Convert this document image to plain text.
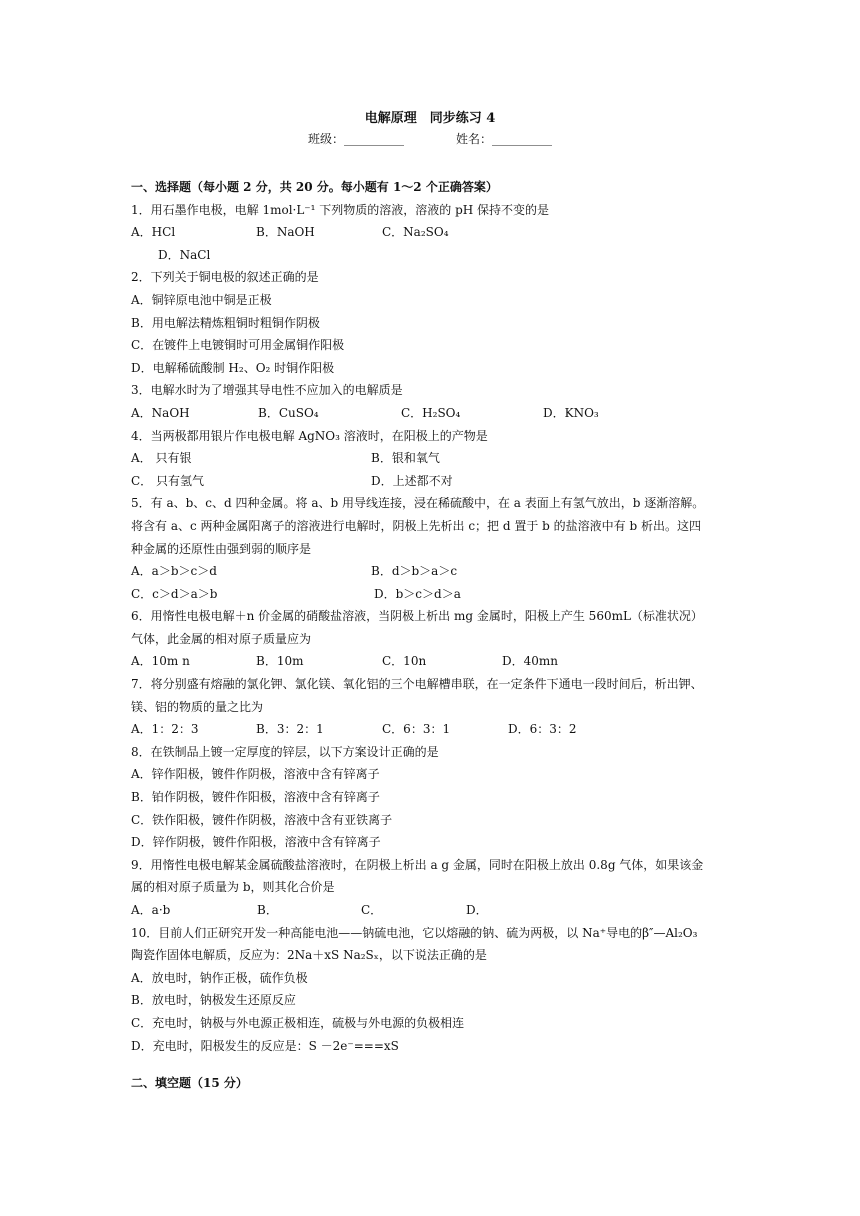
电解原理　同步练习 4
班级：__________	姓名：__________
一、选择题（每小题 2 分，共 20 分。每小题有 1～2 个正确答案）
1．用石墨作电极，电解 1mol·L⁻¹ 下列物质的溶液，溶液的 pH 保持不变的是
A．HCl	B．NaOH	C．Na₂SO₄
D．NaCl
2．下列关于铜电极的叙述正确的是
A．铜锌原电池中铜是正极
B．用电解法精炼粗铜时粗铜作阴极
C．在镀件上电镀铜时可用金属铜作阳极
D．电解稀硫酸制 H₂、O₂ 时铜作阳极
3．电解水时为了增强其导电性不应加入的电解质是
A．NaOH	B．CuSO₄	C．H₂SO₄	D．KNO₃
4．当两极都用银片作电极电解 AgNO₃ 溶液时，在阳极上的产物是
A． 只有银	B．银和氧气
C． 只有氢气	D．上述都不对
5．有 a、b、c、d 四种金属。将 a、b 用导线连接，浸在稀硫酸中，在 a 表面上有氢气放出，b 逐渐溶解。
将含有 a、c 两种金属阳离子的溶液进行电解时，阴极上先析出 c；把 d 置于 b 的盐溶液中有 b 析出。这四
种金属的还原性由强到弱的顺序是
A．a＞b＞c＞d	B．d＞b＞a＞c
C．c＞d＞a＞b	D．b＞c＞d＞a
6．用惰性电极电解＋n 价金属的硝酸盐溶液，当阴极上析出 mg 金属时，阳极上产生 560mL（标准状况）
气体，此金属的相对原子质量应为
A．10m n	B．10m	C．10n	D．40mn
7．将分别盛有熔融的氯化钾、氯化镁、氧化铝的三个电解槽串联，在一定条件下通电一段时间后，析出钾、
镁、铝的物质的量之比为
A．1：2：3	B．3：2：1	C．6：3：1	D．6：3：2
8．在铁制品上镀一定厚度的锌层，以下方案设计正确的是
A．锌作阳极，镀件作阴极，溶液中含有锌离子
B．铂作阴极，镀件作阳极，溶液中含有锌离子
C．铁作阳极，镀件作阴极，溶液中含有亚铁离子
D．锌作阴极，镀件作阳极，溶液中含有锌离子
9．用惰性电极电解某金属硫酸盐溶液时，在阴极上析出 a g 金属，同时在阳极上放出 0.8g 气体，如果该金
属的相对原子质量为 b，则其化合价是
A．a·b	B．	C．	D．
10．目前人们正研究开发一种高能电池——钠硫电池，它以熔融的钠、硫为两极，以 Na⁺导电的β″—Al₂O₃
陶瓷作固体电解质，反应为：2Na＋xS Na₂Sₓ，以下说法正确的是
A．放电时，钠作正极，硫作负极
B．放电时，钠极发生还原反应
C．充电时，钠极与外电源正极相连，硫极与外电源的负极相连
D．充电时，阳极发生的反应是：S －2e⁻===xS
二、填空题（15 分）
